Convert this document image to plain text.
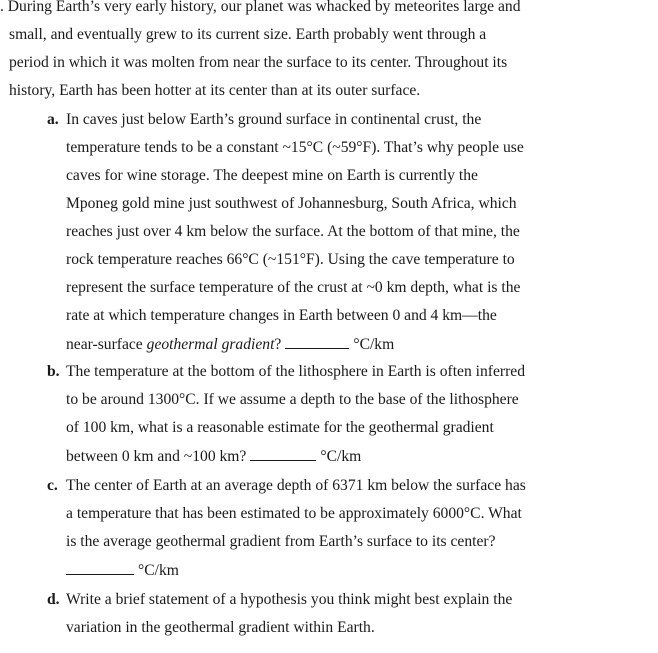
. During Earth’s very early history, our planet was whacked by meteorites large and
small, and eventually grew to its current size. Earth probably went through a
period in which it was molten from near the surface to its center. Throughout its
history, Earth has been hotter at its center than at its outer surface.
a. In caves just below Earth’s ground surface in continental crust, the
temperature tends to be a constant ~15°C (~59°F). That’s why people use
caves for wine storage. The deepest mine on Earth is currently the
Mponeg gold mine just southwest of Johannesburg, South Africa, which
reaches just over 4 km below the surface. At the bottom of that mine, the
rock temperature reaches 66°C (~151°F). Using the cave temperature to
represent the surface temperature of the crust at ~0 km depth, what is the
rate at which temperature changes in Earth between 0 and 4 km—the
near-surface geothermal gradient?	°C/km
b. The temperature at the bottom of the lithosphere in Earth is often inferred
to be around 1300°C. If we assume a depth to the base of the lithosphere
of 100 km, what is a reasonable estimate for the geothermal gradient
between 0 km and ~100 km?	°C/km
c. The center of Earth at an average depth of 6371 km below the surface has
a temperature that has been estimated to be approximately 6000°C. What
is the average geothermal gradient from Earth’s surface to its center?
°C/km
d. Write a brief statement of a hypothesis you think might best explain the
variation in the geothermal gradient within Earth.
